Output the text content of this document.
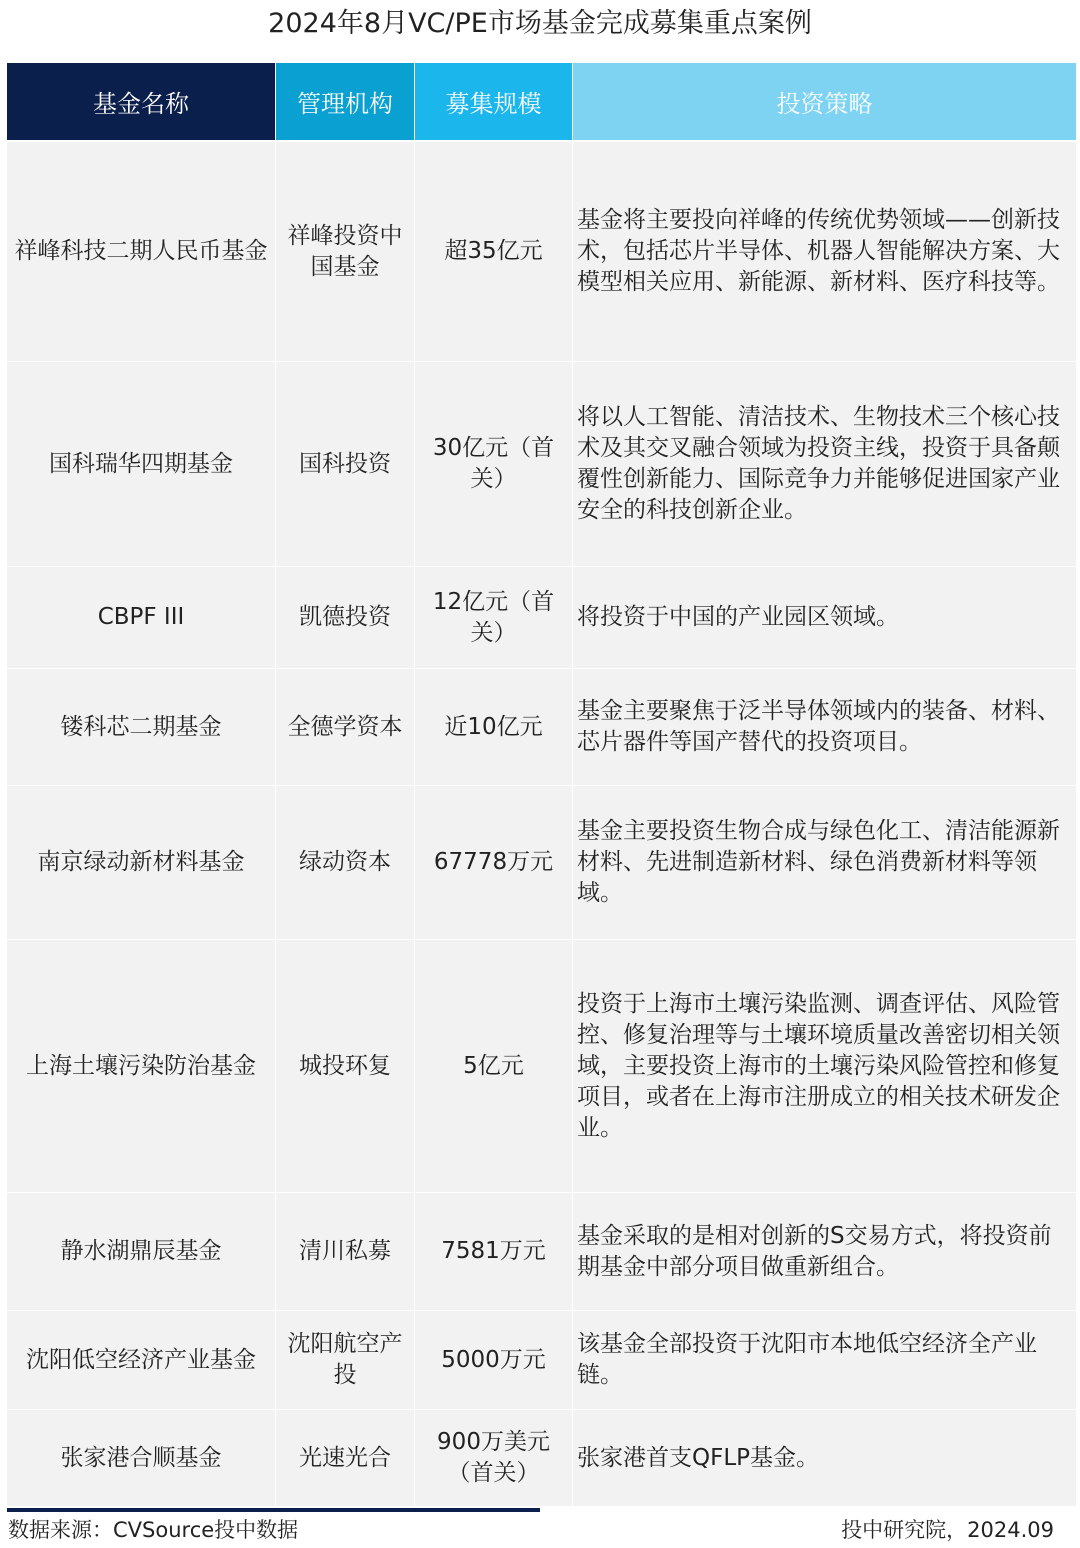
2024年8月VC/PE市场基金完成募集重点案例
基金名称	管理机构	募集规模	投资策略
祥峰科技二期人民币基金	祥峰投资中国基金	超35亿元	基金将主要投向祥峰的传统优势领域——创新技术，包括芯片半导体、机器人智能解决方案、大模型相关应用、新能源、新材料、医疗科技等。
国科瑞华四期基金	国科投资	30亿元（首关）	将以人工智能、清洁技术、生物技术三个核心技术及其交叉融合领域为投资主线，投资于具备颠覆性创新能力、国际竞争力并能够促进国家产业安全的科技创新企业。
CBPF III	凯德投资	12亿元（首关）	将投资于中国的产业园区领域。
镂科芯二期基金	全德学资本	近10亿元	基金主要聚焦于泛半导体领域内的装备、材料、芯片器件等国产替代的投资项目。
南京绿动新材料基金	绿动资本	67778万元	基金主要投资生物合成与绿色化工、清洁能源新材料、先进制造新材料、绿色消费新材料等领域。
上海土壤污染防治基金	城投环复	5亿元	投资于上海市土壤污染监测、调查评估、风险管控、修复治理等与土壤环境质量改善密切相关领域，主要投资上海市的土壤污染风险管控和修复项目，或者在上海市注册成立的相关技术研发企业。
静水湖鼎辰基金	清川私募	7581万元	基金采取的是相对创新的S交易方式，将投资前期基金中部分项目做重新组合。
沈阳低空经济产业基金	沈阳航空产投	5000万元	该基金全部投资于沈阳市本地低空经济全产业链。
张家港合顺基金	光速光合	900万美元（首关）	张家港首支QFLP基金。
数据来源：CVSource投中数据	投中研究院，2024.09
